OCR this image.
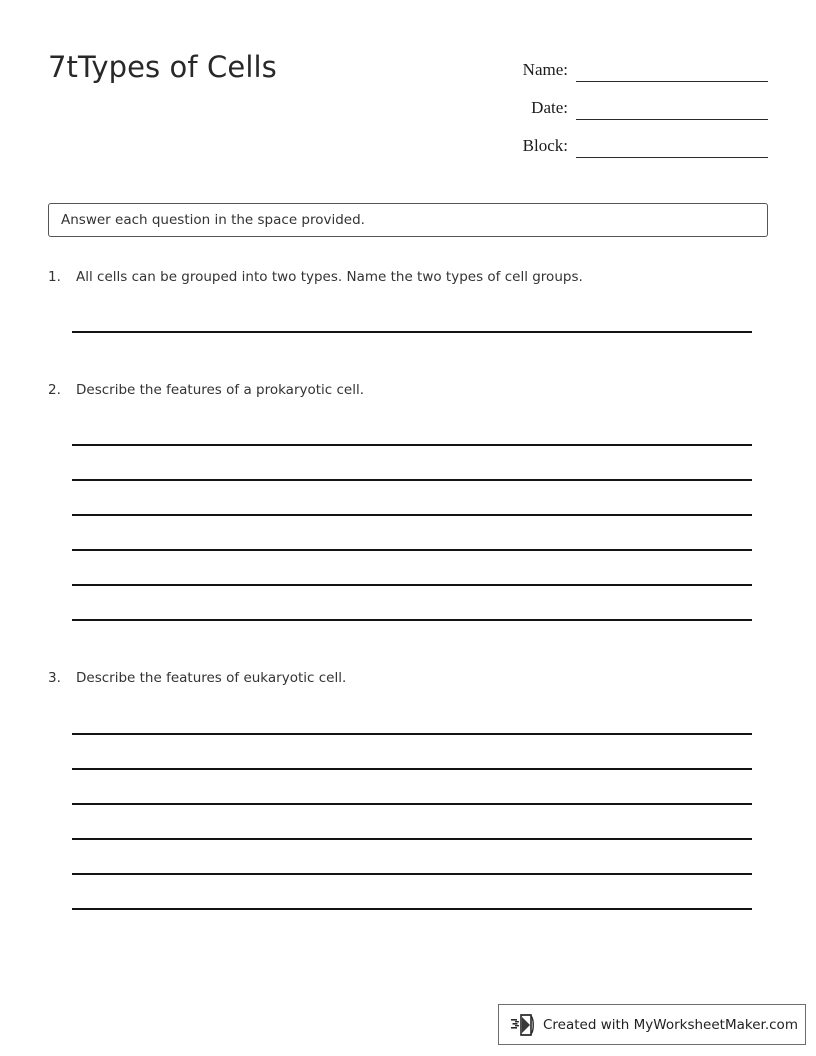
7tTypes of Cells	Name:
Date:
Block:
Answer each question in the space provided.
1.	All cells can be grouped into two types. Name the two types of cell groups.
2.	Describe the features of a prokaryotic cell.
3.	Describe the features of eukaryotic cell.
Created with MyWorksheetMaker.com
